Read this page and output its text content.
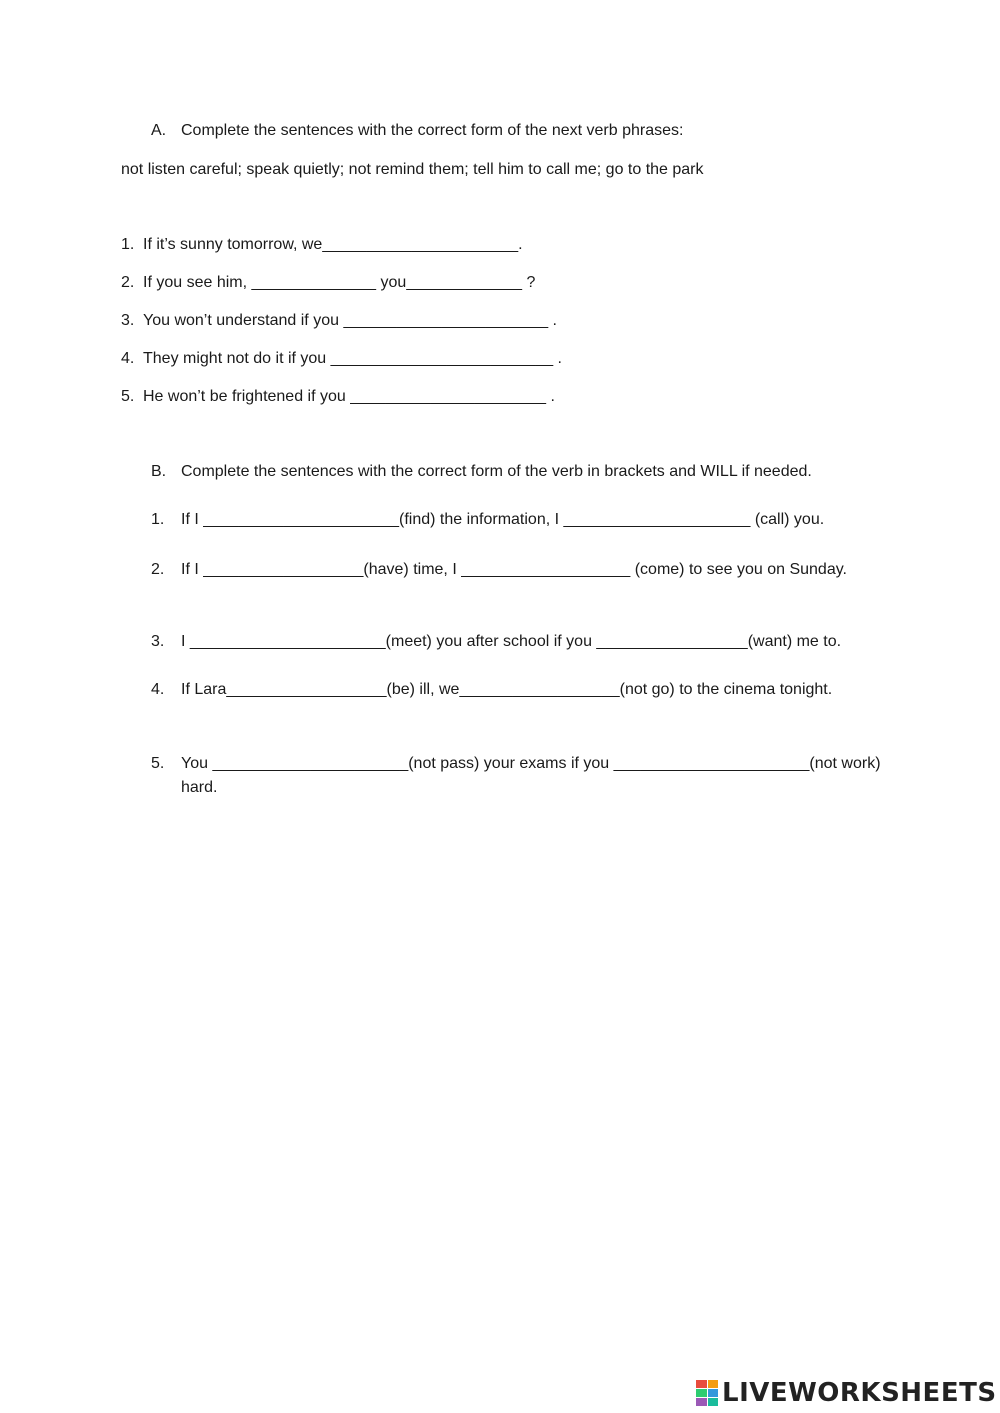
A. Complete the sentences with the correct form of the next verb phrases:
not listen careful; speak quietly; not remind them; tell him to call me; go to the park
1. If it’s sunny tomorrow, we______________________.
2. If you see him, ______________ you_____________ ?
3. You won’t understand if you _______________________ .
4. They might not do it if you _________________________ .
5. He won’t be frightened if you ______________________ .
B. Complete the sentences with the correct form of the verb in brackets and WILL if needed.
1. If I ______________________(find) the information, I _____________________ (call) you.
2. If I __________________(have) time, I ___________________ (come) to see you on Sunday.
3. I ______________________(meet) you after school if you _________________(want) me to.
4. If Lara__________________(be) ill, we__________________(not go) to the cinema tonight.
5. You ______________________(not pass) your exams if you ______________________(not work) hard.
LIVEWORKSHEETS
